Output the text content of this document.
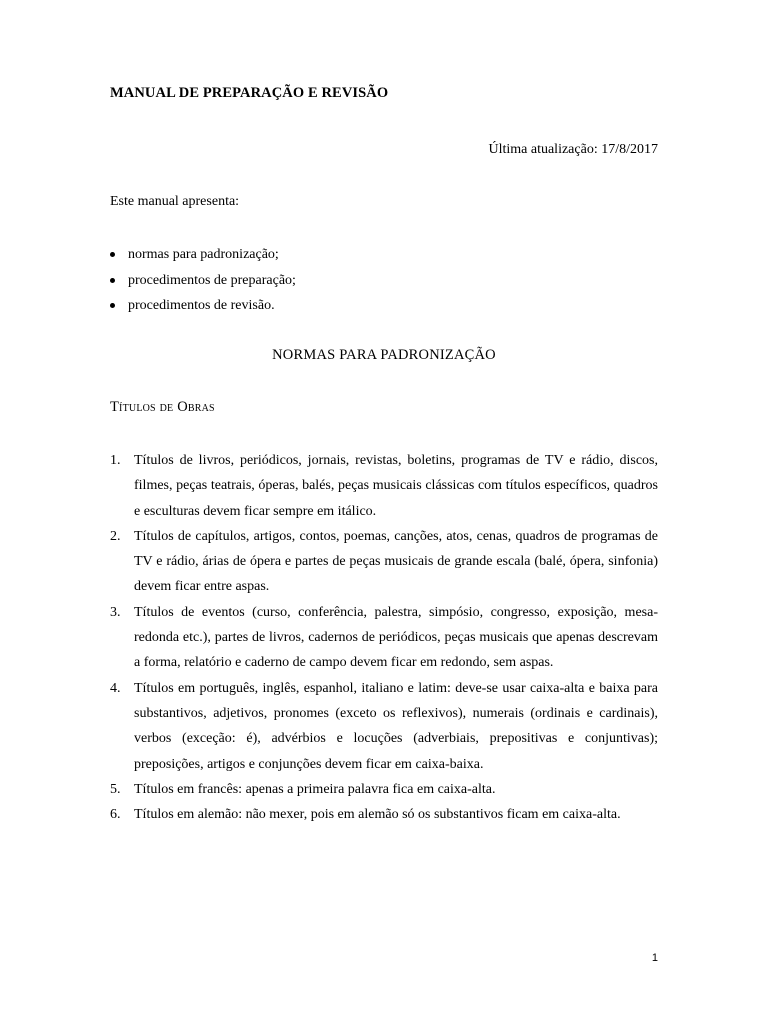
MANUAL DE PREPARAÇÃO E REVISÃO
Última atualização: 17/8/2017
Este manual apresenta:
normas para padronização;
procedimentos de preparação;
procedimentos de revisão.
NORMAS PARA PADRONIZAÇÃO
Títulos de Obras
1. Títulos de livros, periódicos, jornais, revistas, boletins, programas de TV e rádio, discos, filmes, peças teatrais, óperas, balés, peças musicais clássicas com títulos específicos, quadros e esculturas devem ficar sempre em itálico.
2. Títulos de capítulos, artigos, contos, poemas, canções, atos, cenas, quadros de programas de TV e rádio, árias de ópera e partes de peças musicais de grande escala (balé, ópera, sinfonia) devem ficar entre aspas.
3. Títulos de eventos (curso, conferência, palestra, simpósio, congresso, exposição, mesa-redonda etc.), partes de livros, cadernos de periódicos, peças musicais que apenas descrevam a forma, relatório e caderno de campo devem ficar em redondo, sem aspas.
4. Títulos em português, inglês, espanhol, italiano e latim: deve-se usar caixa-alta e baixa para substantivos, adjetivos, pronomes (exceto os reflexivos), numerais (ordinais e cardinais), verbos (exceção: é), advérbios e locuções (adverbiais, prepositivas e conjuntivas); preposições, artigos e conjunções devem ficar em caixa-baixa.
5. Títulos em francês: apenas a primeira palavra fica em caixa-alta.
6. Títulos em alemão: não mexer, pois em alemão só os substantivos ficam em caixa-alta.
1
